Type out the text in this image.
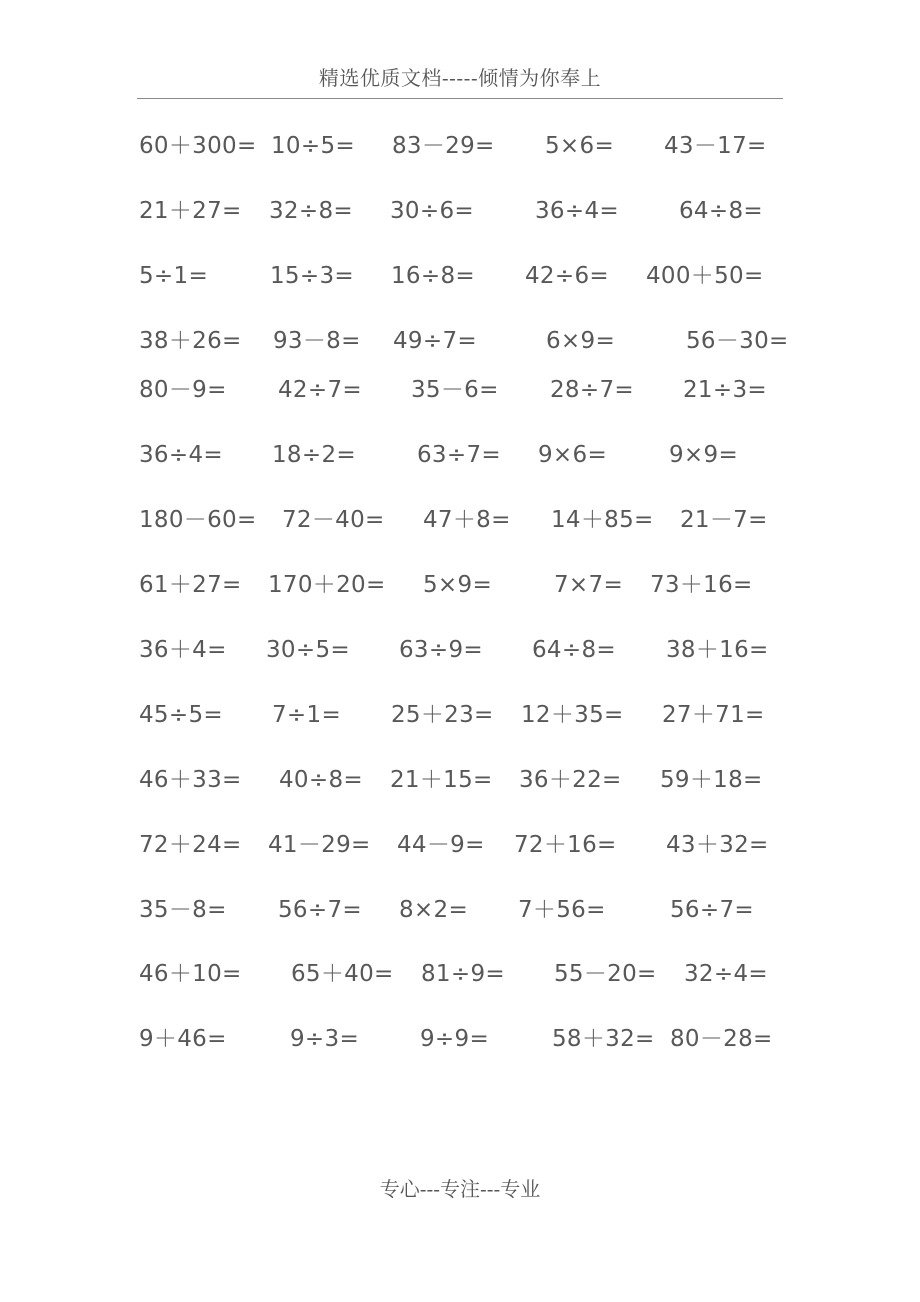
精选优质文档-----倾情为你奉上
60＋300= 10÷5= 83－29= 5×6= 43－17=
21＋27= 32÷8= 30÷6=	36÷4=	64÷8=
5÷1=	15÷3= 16÷8= 42÷6= 400＋50=
38＋26= 93－8= 49÷7=	6×9=	56－30=
80－9= 42÷7= 35－6= 28÷7= 21÷3=
36÷4= 18÷2=	63÷7= 9×6=	9×9=
180－60= 72－40= 47＋8= 14＋85= 21－7=
61＋27= 170＋20= 5×9=	7×7= 73＋16=
36＋4= 30÷5= 63÷9= 64÷8= 38＋16=
45÷5= 7÷1= 25＋23= 12＋35= 27＋71=
46＋33= 40÷8= 21＋15= 36＋22= 59＋18=
72＋24= 41－29= 44－9= 72＋16= 43＋32=
35－8= 56÷7= 8×2= 7＋56=	56÷7=
46＋10= 65＋40= 81÷9= 55－20= 32÷4=
9＋46=	9÷3=	9÷9=	58＋32= 80－28=
专心---专注---专业
